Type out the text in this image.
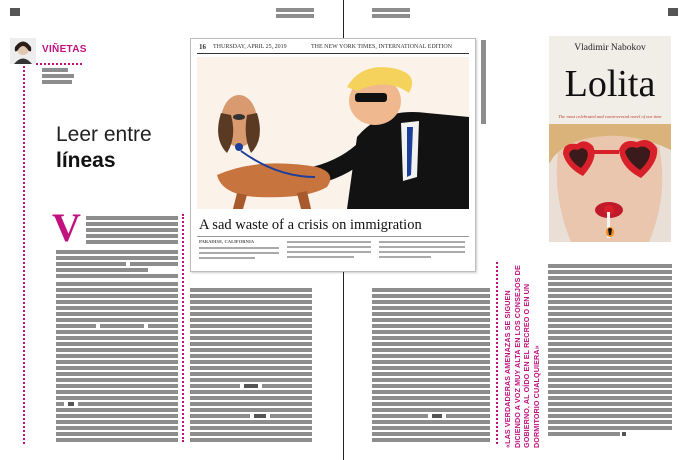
VIÑETAS
Leer entre
líneas
V
16 THURSDAY, APRIL 25, 2019	THE NEW YORK TIMES, INTERNATIONAL EDITION
A sad waste of a crisis on immigration
PARADISE, CALIFORNIA
«LAS VERDADERAS AMENAZAS SE SIGUEN DICIENDO A VOZ MUY ALTA EN LOS CONSEJOS DE GOBIERNO, AL OÍDO EN EL RECREO O EN UN DORMITORIO CUALQUIERA»
Vladimir Nabokov
Lolita
The most celebrated and controversial novel of our time
